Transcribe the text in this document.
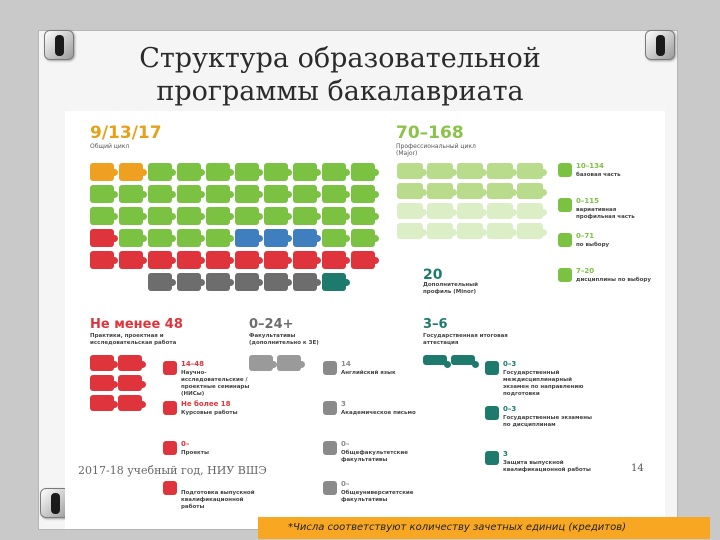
Структура образовательной
программы бакалавриата
9/13/17
Общий цикл
70–168
Профессиональный цикл (Major)
20
Дополнительный профиль (Minor)
10–134
базовая часть
0–115
вариативная профильная часть
0–71
по выбору
7–20
дисциплины по выбору
Не менее 48
Практики, проектная и исследовательская работа
0–24+
Факультативы (дополнительно к ЗЕ)
3–6
Государственная итоговая аттестация
14–48
Научно-исследовательские / проектные семинары (НИСы)
Не более 18
Курсовые работы
0–
Проекты
Подготовка выпускной квалификационной работы
14
Английский язык
3
Академическое письмо
0–
Общефакультетские факультативы
0–
Общеуниверситетские факультативы
0–3
Государственный междисциплинарный экзамен по направлению подготовки
0–3
Государственные экзамены по дисциплинам
3
Защита выпускной квалификационной работы
2017-18 учебный год, НИУ ВШЭ	14
*Числа соответствуют количеству зачетных единиц (кредитов)
